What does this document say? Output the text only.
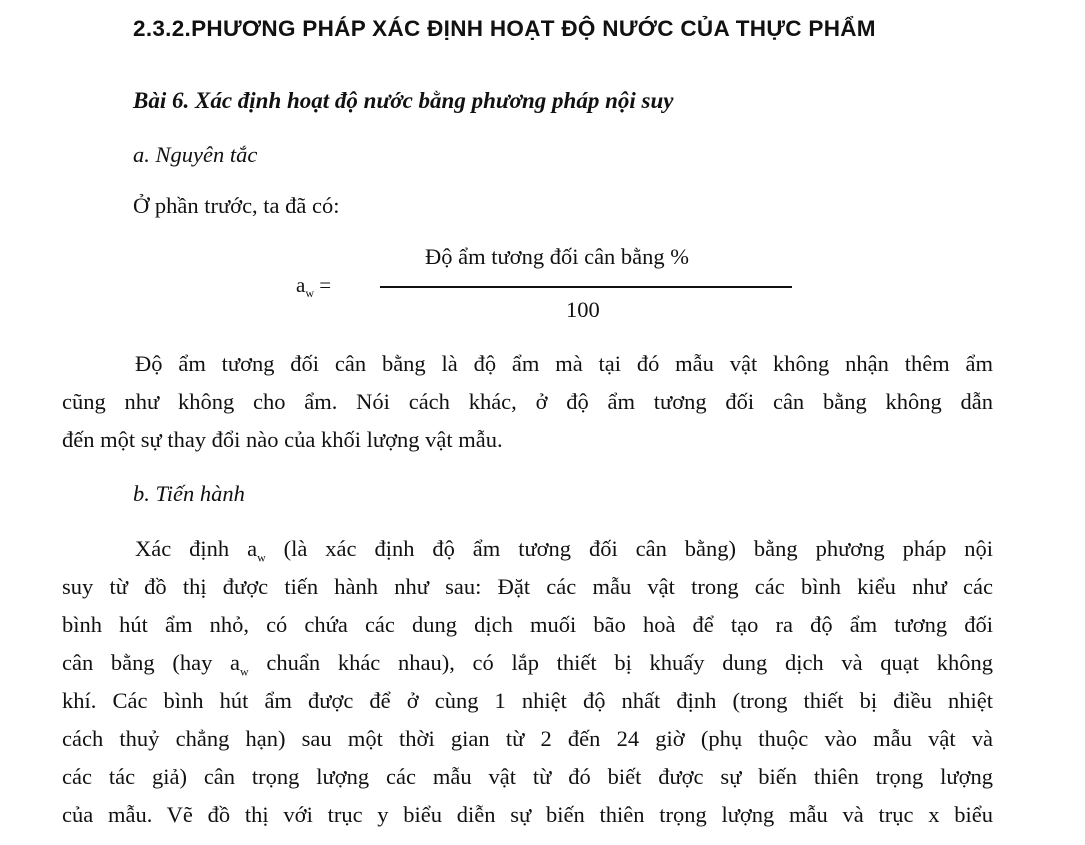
2.3.2.PHƯƠNG PHÁP XÁC ĐỊNH HOẠT ĐỘ NƯỚC CỦA THỰC PHẨM
Bài 6. Xác định hoạt độ nước bằng phương pháp nội suy
a. Nguyên tắc
Ở phần trước, ta đã có:
$a_w$ =
Độ ẩm tương đối cân bằng %
100
Độ ẩm tương đối cân bằng là độ ẩm mà tại đó mẫu vật không nhận thêm ẩm
cũng như không cho ẩm. Nói cách khác, ở độ ẩm tương đối cân bằng không dẫn
đến một sự thay đổi nào của khối lượng vật mẫu.
b. Tiến hành
Xác định $a_w$ (là xác định độ ẩm tương đối cân bằng) bằng phương pháp nội
suy từ đồ thị được tiến hành như sau: Đặt các mẫu vật trong các bình kiểu như các
bình hút ẩm nhỏ, có chứa các dung dịch muối bão hoà để tạo ra độ ẩm tương đối
cân bằng (hay $a_w$ chuẩn khác nhau), có lắp thiết bị khuấy dung dịch và quạt không
khí. Các bình hút ẩm được để ở cùng 1 nhiệt độ nhất định (trong thiết bị điều nhiệt
cách thuỷ chẳng hạn) sau một thời gian từ 2 đến 24 giờ (phụ thuộc vào mẫu vật và
các tác giả) cân trọng lượng các mẫu vật từ đó biết được sự biến thiên trọng lượng
của mẫu. Vẽ đồ thị với trục y biểu diễn sự biến thiên trọng lượng mẫu và trục x biểu
